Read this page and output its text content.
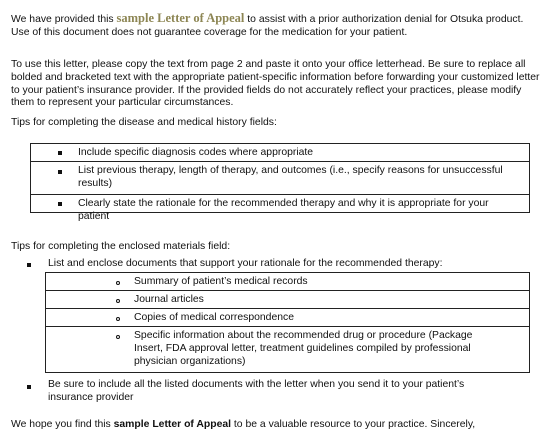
We have provided this sample Letter of Appeal to assist with a prior authorization denial for Otsuka product. Use of this document does not guarantee coverage for the medication for your patient.

To use this letter, please copy the text from page 2 and paste it onto your office letterhead. Be sure to replace all bolded and bracketed text with the appropriate patient-specific information before forwarding your customized letter to your patient’s insurance provider. If the provided fields do not accurately reflect your practices, please modify them to represent your particular circumstances.

Tips for completing the disease and medical history fields:

Include specific diagnosis codes where appropriate
List previous therapy, length of therapy, and outcomes (i.e., specify reasons for unsuccessful results)
Clearly state the rationale for the recommended therapy and why it is appropriate for your patient

Tips for completing the enclosed materials field:

List and enclose documents that support your rationale for the recommended therapy:

Summary of patient’s medical records
Journal articles
Copies of medical correspondence
Specific information about the recommended drug or procedure (Package Insert, FDA approval letter, treatment guidelines compiled by professional physician organizations)

Be sure to include all the listed documents with the letter when you send it to your patient’s insurance provider

We hope you find this sample Letter of Appeal to be a valuable resource to your practice. Sincerely,
